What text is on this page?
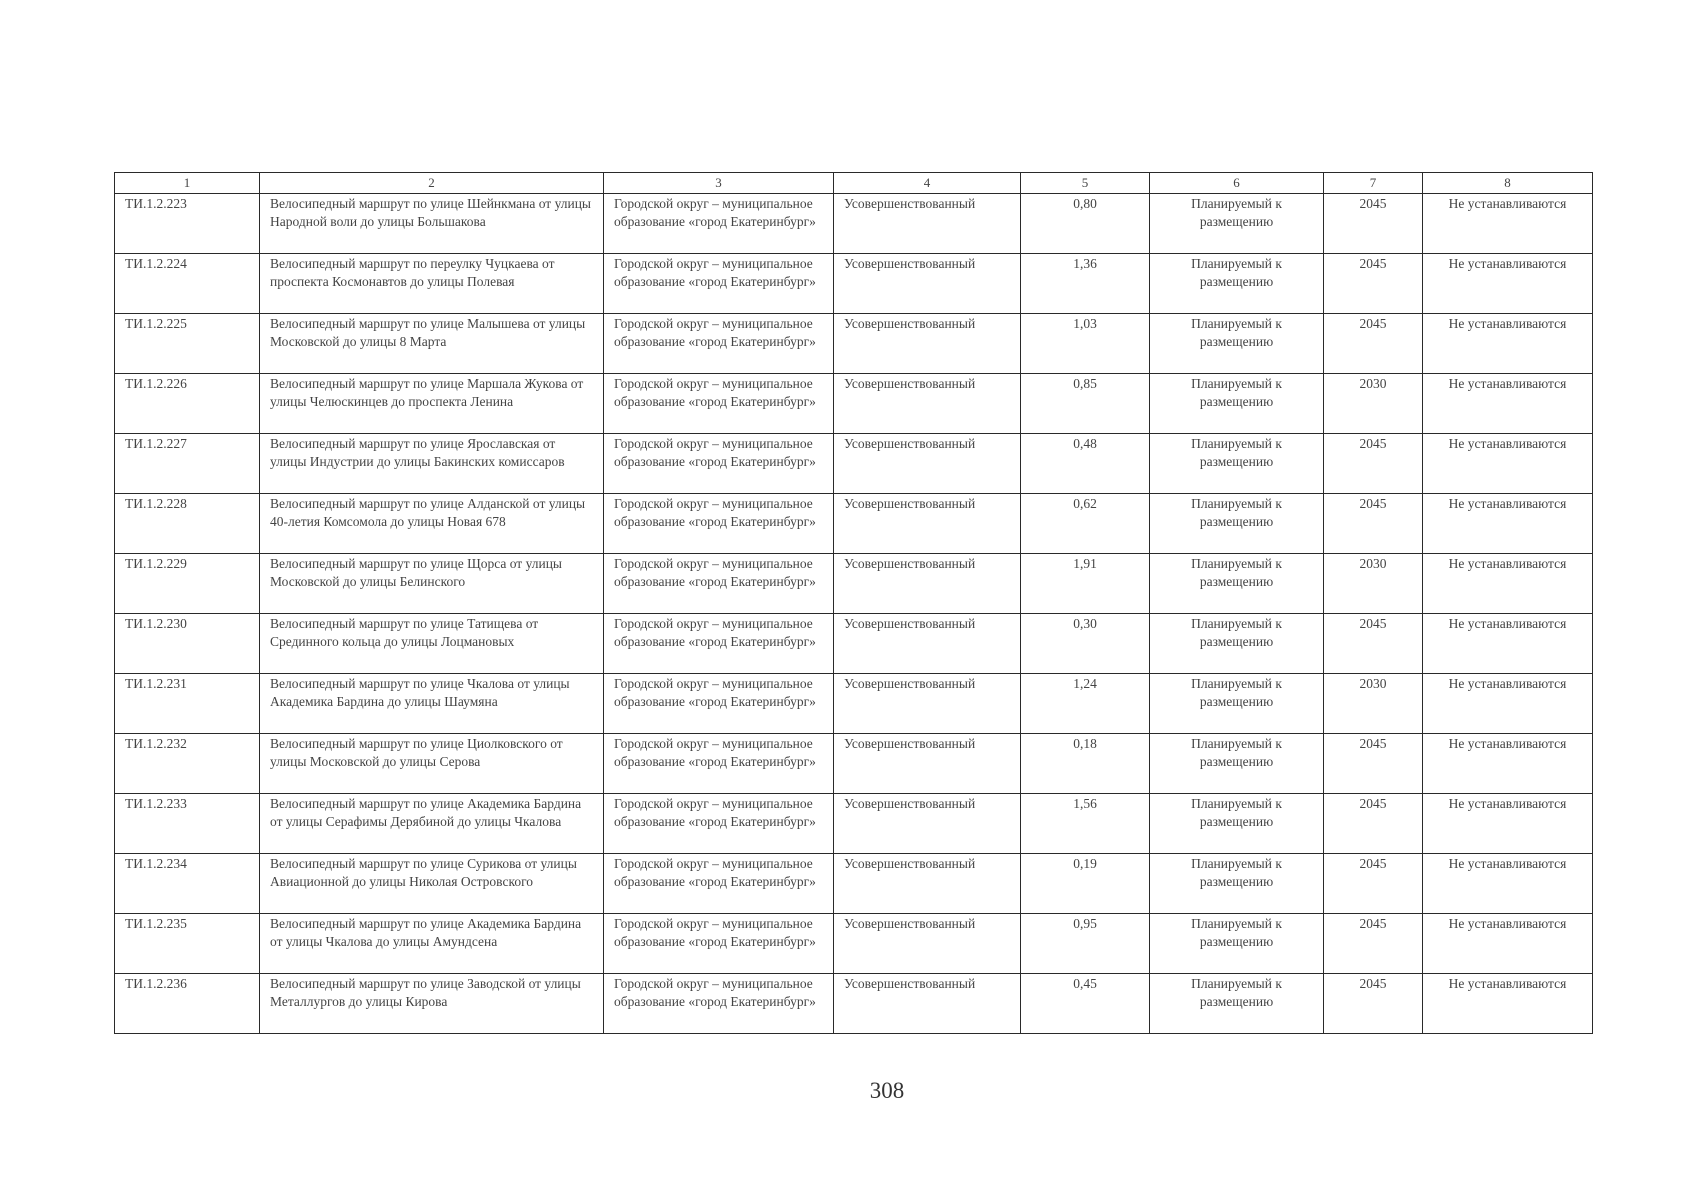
1	2	3	4	5	6	7	8
ТИ.1.2.223	Велосипедный маршрут по улице Шейнкмана от улицы Народной воли до улицы Большакова	Городской округ – муниципальное образование «город Екатеринбург»	Усовершенствованный	0,80	Планируемый к размещению	2045	Не устанавливаются
ТИ.1.2.224	Велосипедный маршрут по переулку Чуцкаева от проспекта Космонавтов до улицы Полевая	Городской округ – муниципальное образование «город Екатеринбург»	Усовершенствованный	1,36	Планируемый к размещению	2045	Не устанавливаются
ТИ.1.2.225	Велосипедный маршрут по улице Малышева от улицы Московской до улицы 8 Марта	Городской округ – муниципальное образование «город Екатеринбург»	Усовершенствованный	1,03	Планируемый к размещению	2045	Не устанавливаются
ТИ.1.2.226	Велосипедный маршрут по улице Маршала Жукова от улицы Челюскинцев до проспекта Ленина	Городской округ – муниципальное образование «город Екатеринбург»	Усовершенствованный	0,85	Планируемый к размещению	2030	Не устанавливаются
ТИ.1.2.227	Велосипедный маршрут по улице Ярославская от улицы Индустрии до улицы Бакинских комиссаров	Городской округ – муниципальное образование «город Екатеринбург»	Усовершенствованный	0,48	Планируемый к размещению	2045	Не устанавливаются
ТИ.1.2.228	Велосипедный маршрут по улице Алданской от улицы 40-летия Комсомола до улицы Новая 678	Городской округ – муниципальное образование «город Екатеринбург»	Усовершенствованный	0,62	Планируемый к размещению	2045	Не устанавливаются
ТИ.1.2.229	Велосипедный маршрут по улице Щорса от улицы Московской до улицы Белинского	Городской округ – муниципальное образование «город Екатеринбург»	Усовершенствованный	1,91	Планируемый к размещению	2030	Не устанавливаются
ТИ.1.2.230	Велосипедный маршрут по улице Татищева от Срединного кольца до улицы Лоцмановых	Городской округ – муниципальное образование «город Екатеринбург»	Усовершенствованный	0,30	Планируемый к размещению	2045	Не устанавливаются
ТИ.1.2.231	Велосипедный маршрут по улице Чкалова от улицы Академика Бардина до улицы Шаумяна	Городской округ – муниципальное образование «город Екатеринбург»	Усовершенствованный	1,24	Планируемый к размещению	2030	Не устанавливаются
ТИ.1.2.232	Велосипедный маршрут по улице Циолковского от улицы Московской до улицы Серова	Городской округ – муниципальное образование «город Екатеринбург»	Усовершенствованный	0,18	Планируемый к размещению	2045	Не устанавливаются
ТИ.1.2.233	Велосипедный маршрут по улице Академика Бардина от улицы Серафимы Дерябиной до улицы Чкалова	Городской округ – муниципальное образование «город Екатеринбург»	Усовершенствованный	1,56	Планируемый к размещению	2045	Не устанавливаются
ТИ.1.2.234	Велосипедный маршрут по улице Сурикова от улицы Авиационной до улицы Николая Островского	Городской округ – муниципальное образование «город Екатеринбург»	Усовершенствованный	0,19	Планируемый к размещению	2045	Не устанавливаются
ТИ.1.2.235	Велосипедный маршрут по улице Академика Бардина от улицы Чкалова до улицы Амундсена	Городской округ – муниципальное образование «город Екатеринбург»	Усовершенствованный	0,95	Планируемый к размещению	2045	Не устанавливаются
ТИ.1.2.236	Велосипедный маршрут по улице Заводской от улицы Металлургов до улицы Кирова	Городской округ – муниципальное образование «город Екатеринбург»	Усовершенствованный	0,45	Планируемый к размещению	2045	Не устанавливаются
308
